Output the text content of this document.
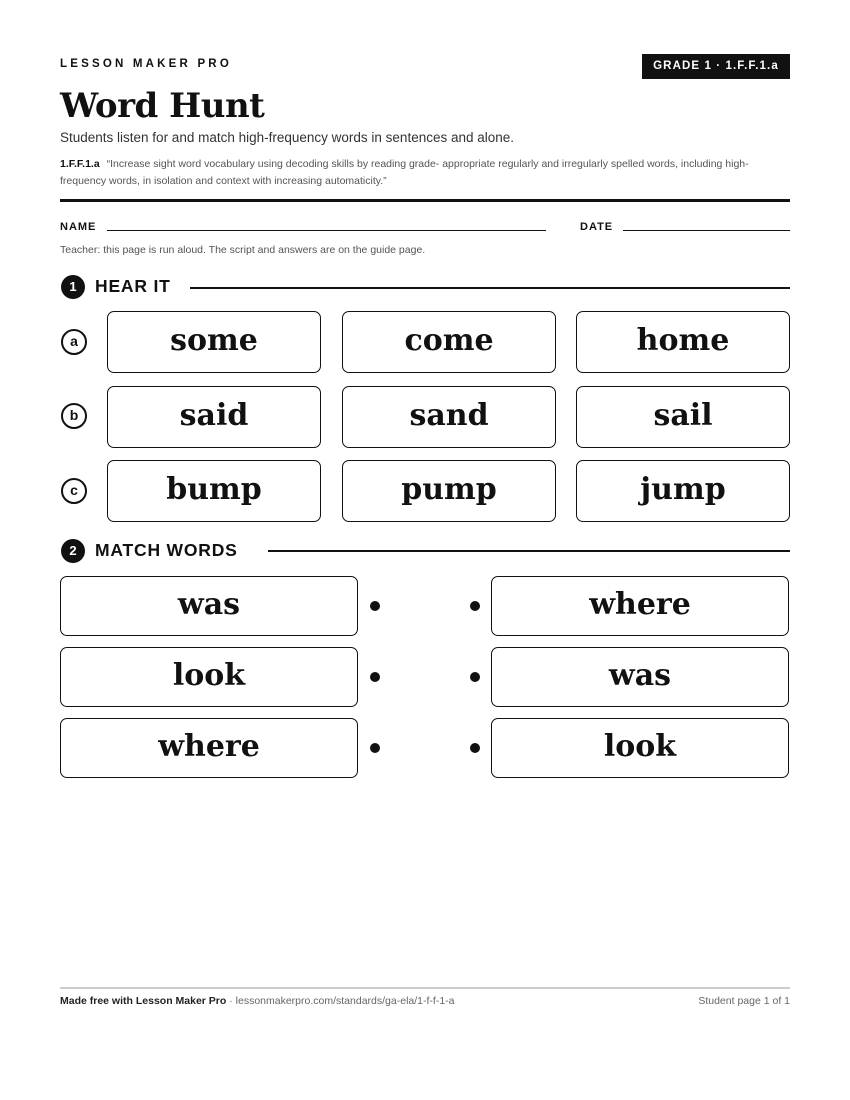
LESSON MAKER PRO	GRADE 1 · 1.F.F.1.a
Word Hunt
Students listen for and match high-frequency words in sentences and alone.
1.F.F.1.a “Increase sight word vocabulary using decoding skills by reading grade- appropriate regularly and irregularly spelled words, including high-frequency words, in isolation and context with increasing automaticity.”
NAME	DATE
Teacher: this page is run aloud. The script and answers are on the guide page.
1	HEAR IT
a	some	come	home
b	said	sand	sail
c	bump	pump	jump
2	MATCH WORDS
was	where
look	was
where	look
Made free with Lesson Maker Pro · lessonmakerpro.com/standards/ga-ela/1-f-f-1-a	Student page 1 of 1
